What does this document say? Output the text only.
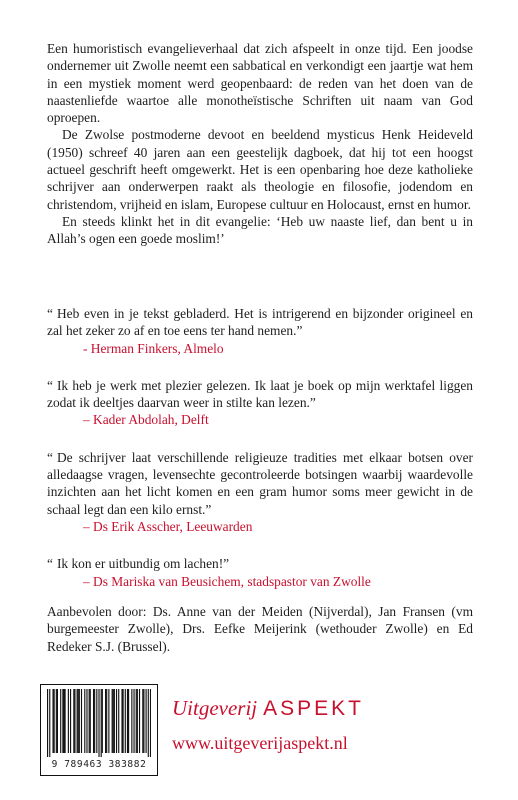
Een humoristisch evangelieverhaal dat zich afspeelt in onze tijd. Een joodse ondernemer uit Zwolle neemt een sabbatical en verkondigt een jaartje wat hem in een mystiek moment werd geopenbaard: de reden van het doen van de naastenliefde waartoe alle monotheïstische Schriften uit naam van God oproepen.

De Zwolse postmoderne devoot en beeldend mysticus Henk Heideveld (1950) schreef 40 jaren aan een geestelijk dagboek, dat hij tot een hoogst actueel geschrift heeft omgewerkt. Het is een openbaring hoe deze katholieke schrijver aan onderwerpen raakt als theologie en filosofie, jodendom en christendom, vrijheid en islam, Europese cultuur en Holocaust, ernst en humor.

En steeds klinkt het in dit evangelie: ‘Heb uw naaste lief, dan bent u in Allah’s ogen een goede moslim!’

“ Heb even in je tekst gebladerd. Het is intrigerend en bijzonder origineel en zal het zeker zo af en toe eens ter hand nemen.”
- Herman Finkers, Almelo
“ Ik heb je werk met plezier gelezen. Ik laat je boek op mijn werktafel liggen zodat ik deeltjes daarvan weer in stilte kan lezen.”
– Kader Abdolah, Delft
“ De schrijver laat verschillende religieuze tradities met elkaar botsen over alledaagse vragen, levensechte gecontroleerde botsingen waarbij waardevolle inzichten aan het licht komen en een gram humor soms meer gewicht in de schaal legt dan een kilo ernst.”
– Ds Erik Asscher, Leeuwarden
“ Ik kon er uitbundig om lachen!”
– Ds Mariska van Beusichem, stadspastor van Zwolle
Aanbevolen door: Ds. Anne van der Meiden (Nijverdal), Jan Fransen (vm burgemeester Zwolle), Drs. Eefke Meijerink (wethouder Zwolle) en Ed Redeker S.J. (Brussel).
9 789463 383882
Uitgeverij ASPEKT
www.uitgeverijaspekt.nl
